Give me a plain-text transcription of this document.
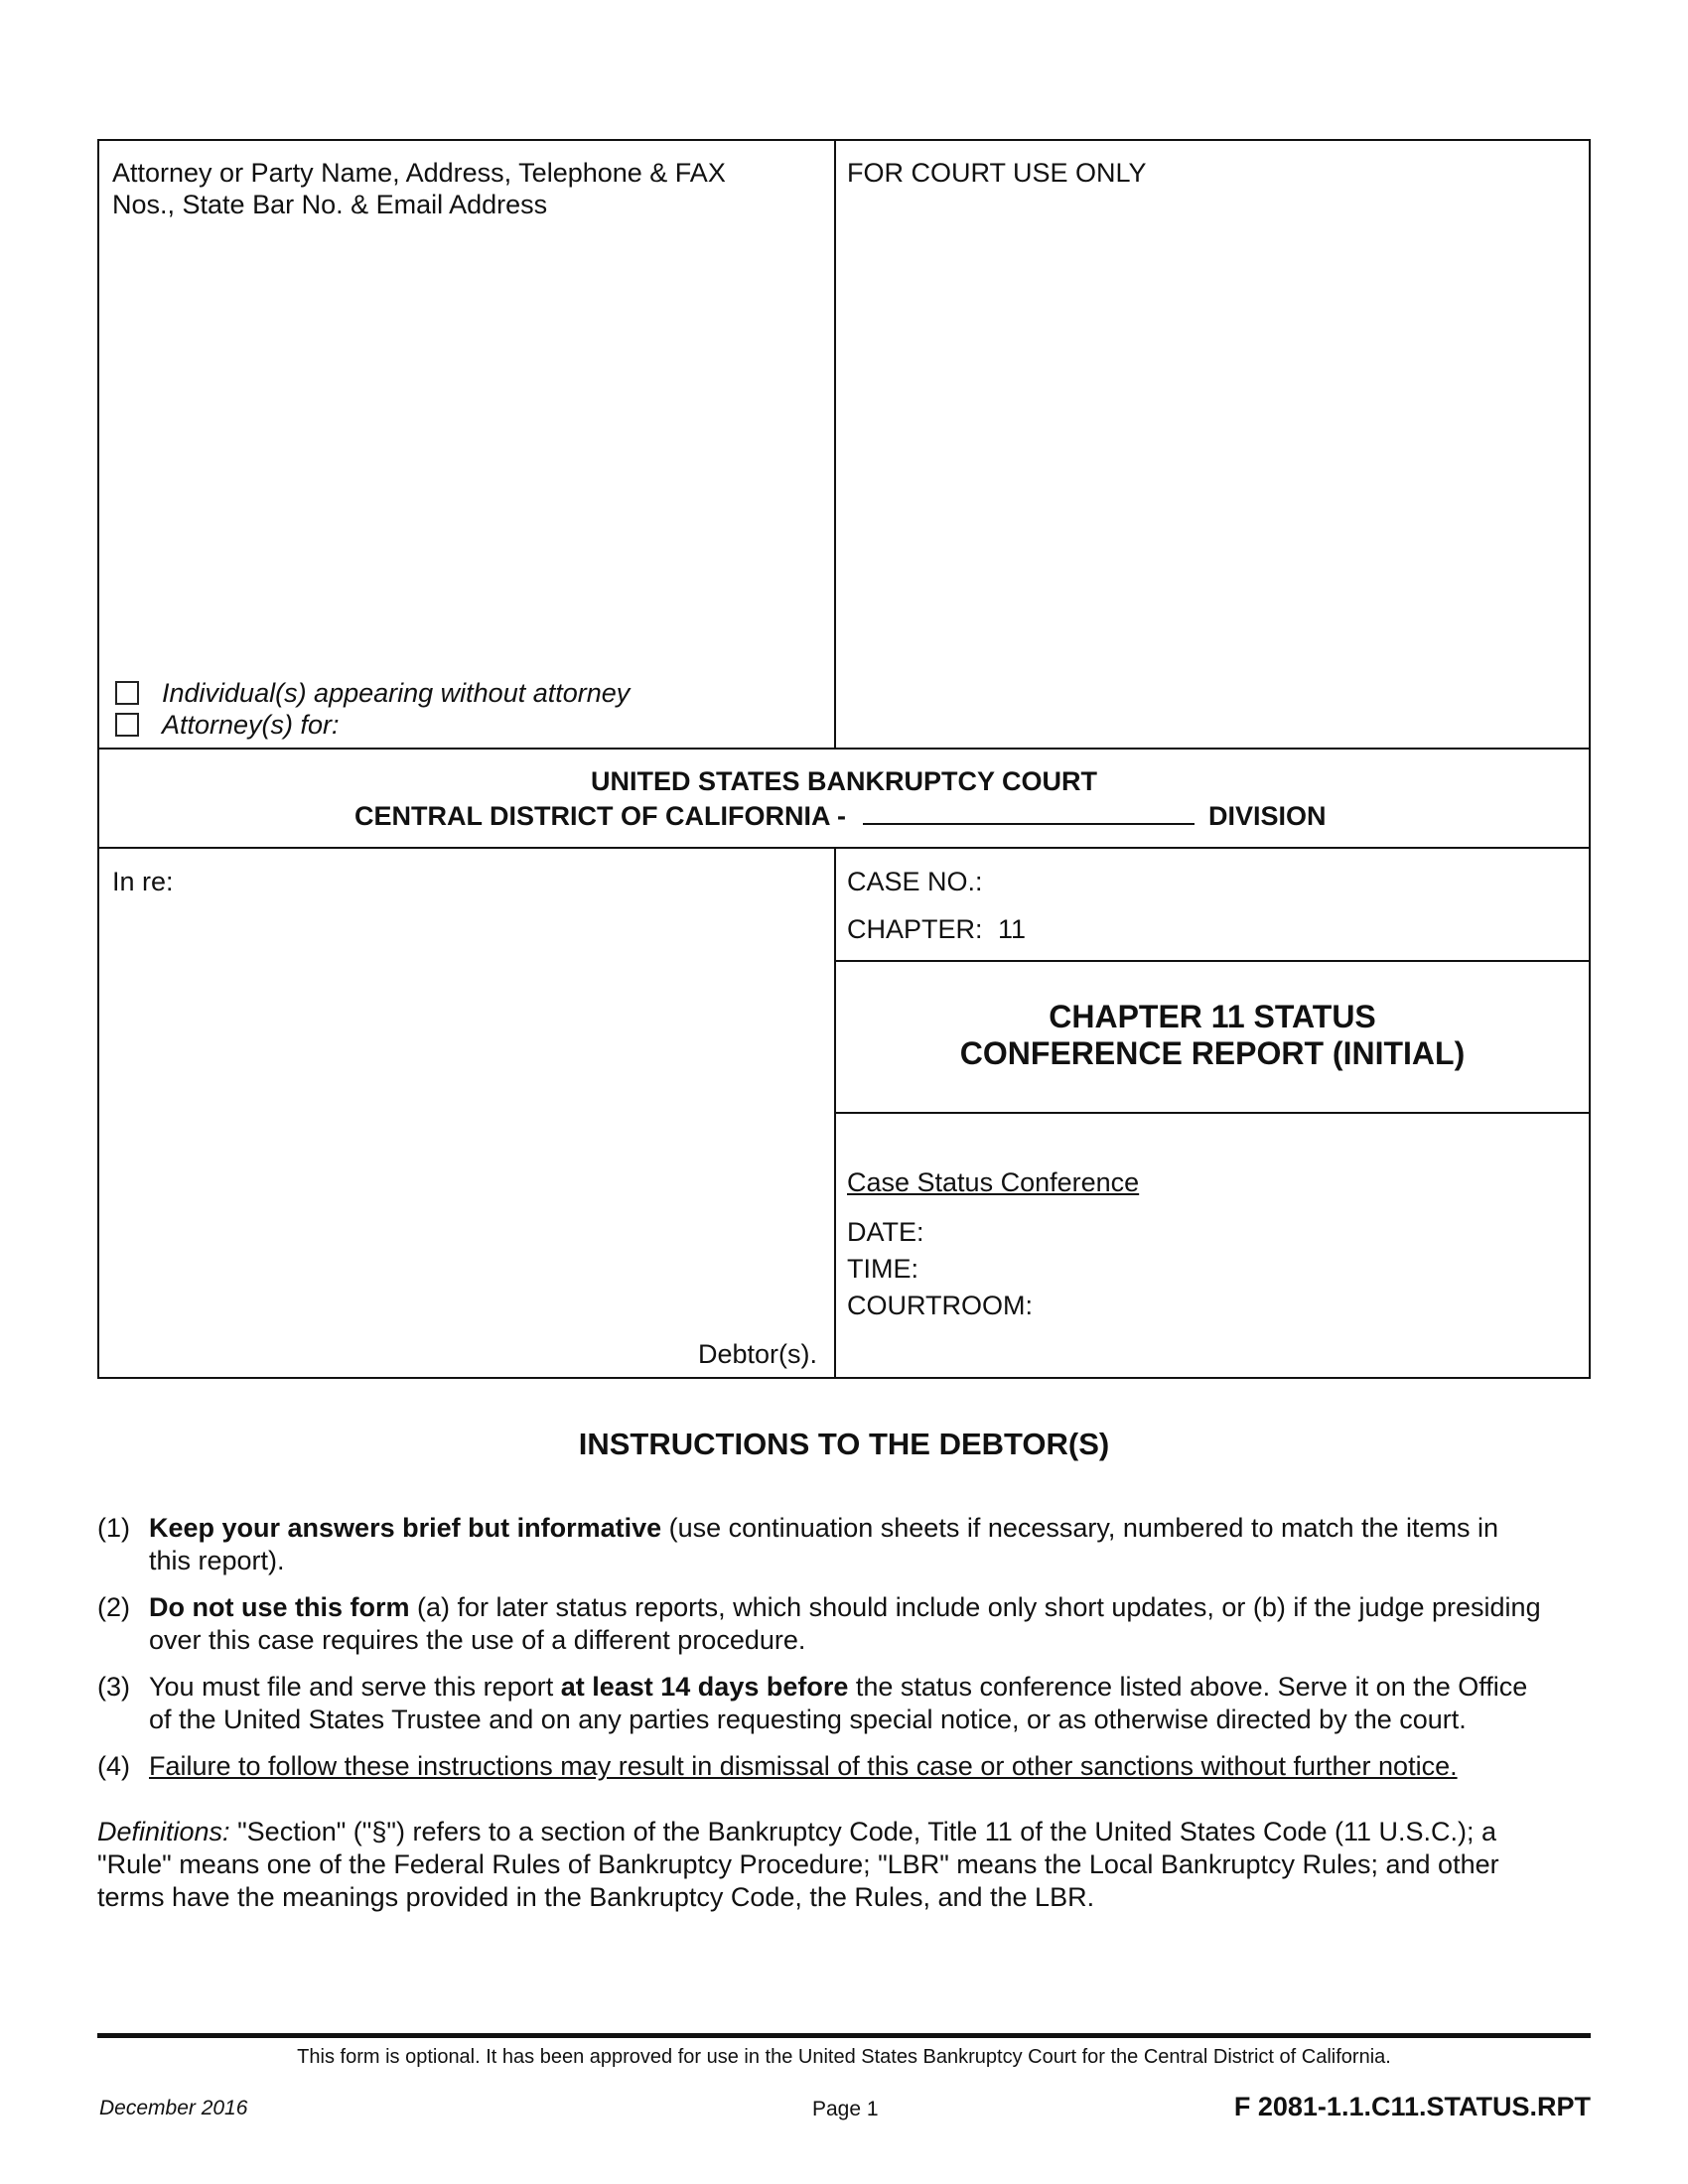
Attorney or Party Name, Address, Telephone & FAX
Nos., State Bar No. & Email Address
Individual(s) appearing without attorney
Attorney(s) for:
FOR COURT USE ONLY
UNITED STATES BANKRUPTCY COURT
CENTRAL DISTRICT OF CALIFORNIA -	DIVISION
In re:
Debtor(s).
CASE NO.:
CHAPTER: 11
CHAPTER 11 STATUS
CONFERENCE REPORT (INITIAL)
Case Status Conference
DATE:
TIME:
COURTROOM:
INSTRUCTIONS TO THE DEBTOR(S)
(1) Keep your answers brief but informative (use continuation sheets if necessary, numbered to match the items in
this report).
(2) Do not use this form (a) for later status reports, which should include only short updates, or (b) if the judge presiding
over this case requires the use of a different procedure.
(3) You must file and serve this report at least 14 days before the status conference listed above. Serve it on the Office
of the United States Trustee and on any parties requesting special notice, or as otherwise directed by the court.
(4) Failure to follow these instructions may result in dismissal of this case or other sanctions without further notice.
Definitions: "Section" ("§") refers to a section of the Bankruptcy Code, Title 11 of the United States Code (11 U.S.C.); a
"Rule" means one of the Federal Rules of Bankruptcy Procedure; "LBR" means the Local Bankruptcy Rules; and other
terms have the meanings provided in the Bankruptcy Code, the Rules, and the LBR.
This form is optional. It has been approved for use in the United States Bankruptcy Court for the Central District of California.
December 2016	Page 1	F 2081-1.1.C11.STATUS.RPT
